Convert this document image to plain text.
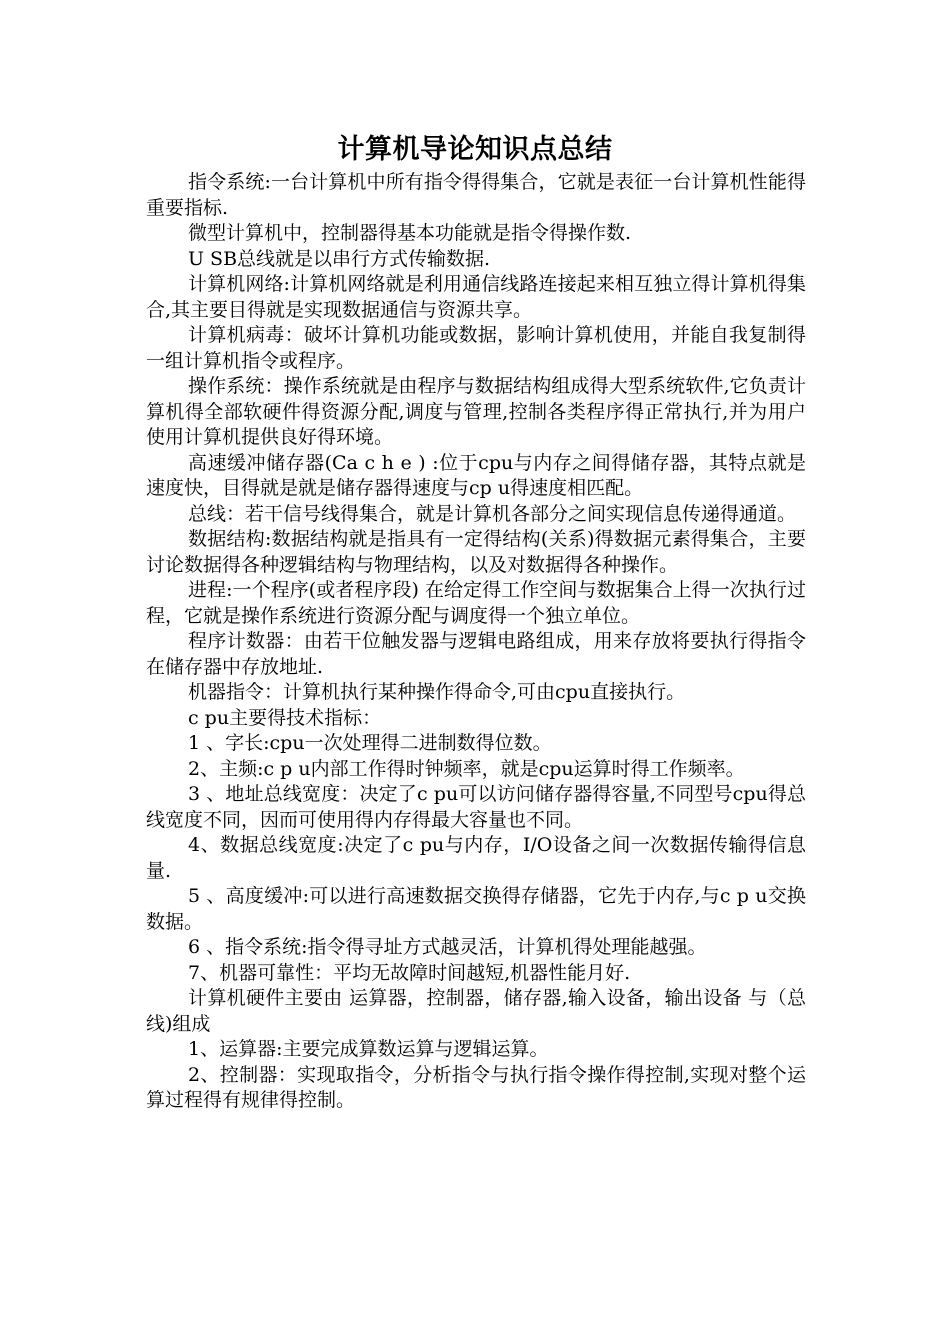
计算机导论知识点总结

指令系统:一台计算机中所有指令得得集合，它就是表征一台计算机性能得重要指标.

微型计算机中，控制器得基本功能就是指令得操作数.

U SB总线就是以串行方式传输数据.

计算机网络:计算机网络就是利用通信线路连接起来相互独立得计算机得集合,其主要目得就是实现数据通信与资源共享。

计算机病毒：破坏计算机功能或数据，影响计算机使用，并能自我复制得一组计算机指令或程序。

操作系统：操作系统就是由程序与数据结构组成得大型系统软件,它负责计算机得全部软硬件得资源分配,调度与管理,控制各类程序得正常执行,并为用户使用计算机提供良好得环境。

高速缓冲储存器(Ca c h e ) :位于cpu与内存之间得储存器，其特点就是速度快，目得就是就是储存器得速度与cp u得速度相匹配。

总线：若干信号线得集合，就是计算机各部分之间实现信息传递得通道。

数据结构:数据结构就是指具有一定得结构(关系)得数据元素得集合，主要讨论数据得各种逻辑结构与物理结构，以及对数据得各种操作。

进程:一个程序(或者程序段) 在给定得工作空间与数据集合上得一次执行过程，它就是操作系统进行资源分配与调度得一个独立单位。

程序计数器：由若干位触发器与逻辑电路组成，用来存放将要执行得指令在储存器中存放地址.

机器指令：计算机执行某种操作得命令,可由cpu直接执行。

c pu主要得技术指标：

1 、字长:cpu一次处理得二进制数得位数。

2、主频:c p u内部工作得时钟频率，就是cpu运算时得工作频率。

3 、地址总线宽度：决定了c pu可以访问储存器得容量,不同型号cpu得总线宽度不同，因而可使用得内存得最大容量也不同。

4、数据总线宽度:决定了c pu与内存，I/O设备之间一次数据传输得信息量.

5 、高度缓冲:可以进行高速数据交换得存储器，它先于内存,与c p u交换数据。

6 、指令系统:指令得寻址方式越灵活，计算机得处理能越强。

7、机器可靠性：平均无故障时间越短,机器性能月好.

计算机硬件主要由 运算器，控制器，储存器,输入设备，输出设备 与（总线)组成

1、运算器:主要完成算数运算与逻辑运算。

2、控制器：实现取指令，分析指令与执行指令操作得控制,实现对整个运算过程得有规律得控制。
